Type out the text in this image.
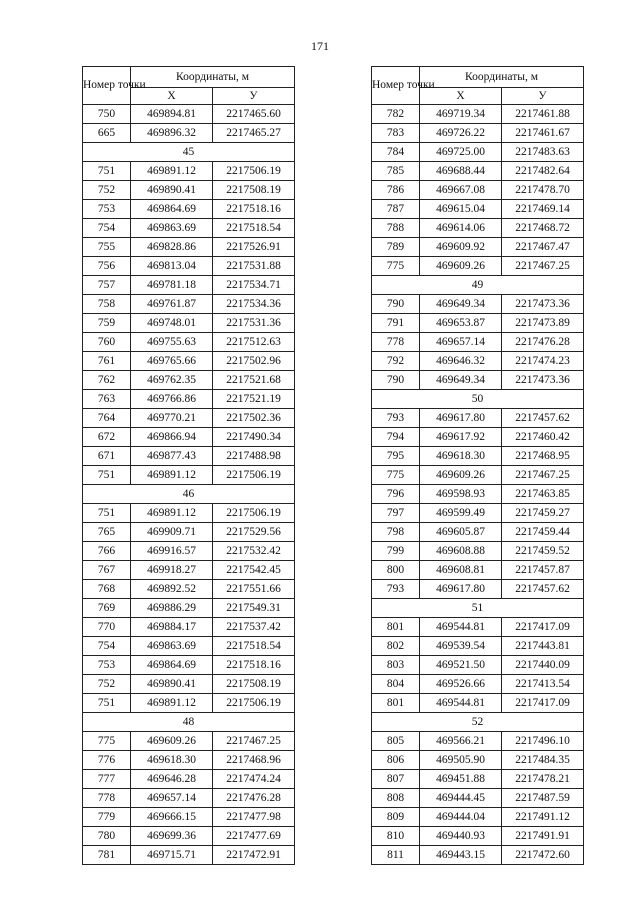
171
Номер точки	Координаты, м	
	X	У
750	469894.81	2217465.60
665	469896.32	2217465.27
45		
751	469891.12	2217506.19
752	469890.41	2217508.19
753	469864.69	2217518.16
754	469863.69	2217518.54
755	469828.86	2217526.91
756	469813.04	2217531.88
757	469781.18	2217534.71
758	469761.87	2217534.36
759	469748.01	2217531.36
760	469755.63	2217512.63
761	469765.66	2217502.96
762	469762.35	2217521.68
763	469766.86	2217521.19
764	469770.21	2217502.36
672	469866.94	2217490.34
671	469877.43	2217488.98
751	469891.12	2217506.19
46		
751	469891.12	2217506.19
765	469909.71	2217529.56
766	469916.57	2217532.42
767	469918.27	2217542.45
768	469892.52	2217551.66
769	469886.29	2217549.31
770	469884.17	2217537.42
754	469863.69	2217518.54
753	469864.69	2217518.16
752	469890.41	2217508.19
751	469891.12	2217506.19
48		
775	469609.26	2217467.25
776	469618.30	2217468.96
777	469646.28	2217474.24
778	469657.14	2217476.28
779	469666.15	2217477.98
780	469699.36	2217477.69
781	469715.71	2217472.91
Номер точки	Координаты, м	
	X	У
782	469719.34	2217461.88
783	469726.22	2217461.67
784	469725.00	2217483.63
785	469688.44	2217482.64
786	469667.08	2217478.70
787	469615.04	2217469.14
788	469614.06	2217468.72
789	469609.92	2217467.47
775	469609.26	2217467.25
49		
790	469649.34	2217473.36
791	469653.87	2217473.89
778	469657.14	2217476.28
792	469646.32	2217474.23
790	469649.34	2217473.36
50		
793	469617.80	2217457.62
794	469617.92	2217460.42
795	469618.30	2217468.95
775	469609.26	2217467.25
796	469598.93	2217463.85
797	469599.49	2217459.27
798	469605.87	2217459.44
799	469608.88	2217459.52
800	469608.81	2217457.87
793	469617.80	2217457.62
51		
801	469544.81	2217417.09
802	469539.54	2217443.81
803	469521.50	2217440.09
804	469526.66	2217413.54
801	469544.81	2217417.09
52		
805	469566.21	2217496.10
806	469505.90	2217484.35
807	469451.88	2217478.21
808	469444.45	2217487.59
809	469444.04	2217491.12
810	469440.93	2217491.91
811	469443.15	2217472.60
